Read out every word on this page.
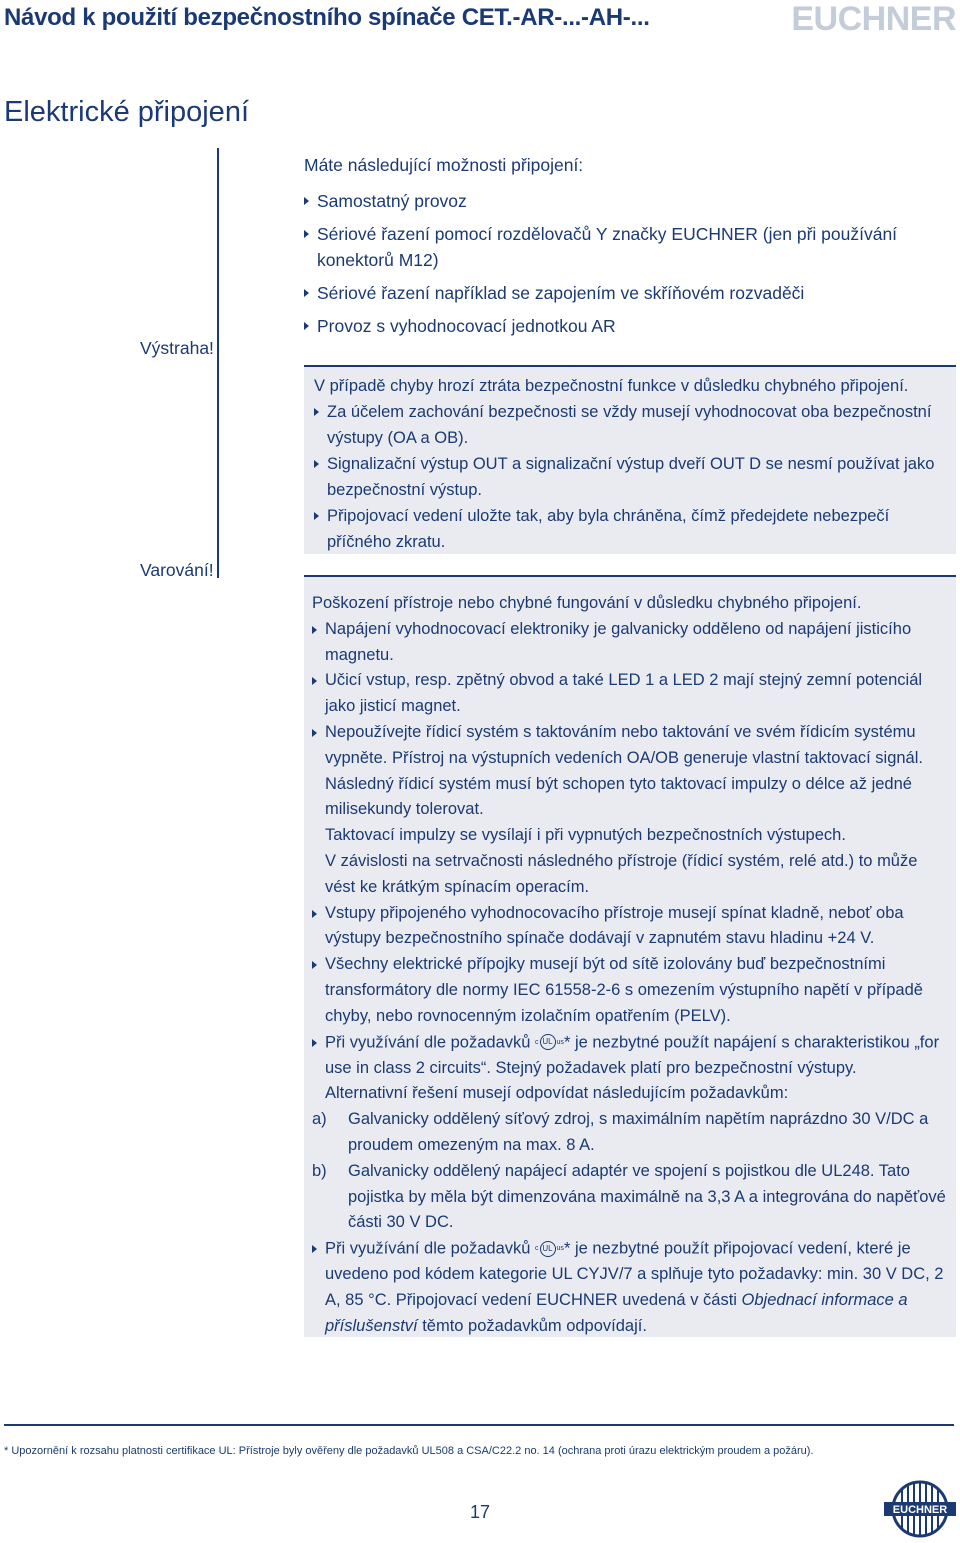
Návod k použití bezpečnostního spínače CET.-AR-...-AH-...	EUCHNER
Elektrické připojení

Máte následující možnosti připojení:

Samostatný provoz
Sériové řazení pomocí rozdělovačů Y značky EUCHNER (jen při používání konektorů M12)
Sériové řazení například se zapojením ve skříňovém rozvaděči
Provoz s vyhodnocovací jednotkou AR
Výstraha!
Varování!

V případě chyby hrozí ztráta bezpečnostní funkce v důsledku chybného připojení.

Za účelem zachování bezpečnosti se vždy musejí vyhodnocovat oba bezpečnostní výstupy (OA a OB).
Signalizační výstup OUT a signalizační výstup dveří OUT D se nesmí používat jako bezpečnostní výstup.
Připojovací vedení uložte tak, aby byla chráněna, čímž předejdete nebezpečí příčného zkratu.

Poškození přístroje nebo chybné fungování v důsledku chybného připojení.

Napájení vyhodnocovací elektroniky je galvanicky odděleno od napájení jisticího magnetu.
Učicí vstup, resp. zpětný obvod a také LED 1 a LED 2 mají stejný zemní potenciál jako jisticí magnet.
Nepoužívejte řídicí systém s taktováním nebo taktování ve svém řídicím systému vypněte. Přístroj na výstupních vedeních OA/OB generuje vlastní taktovací signál. Následný řídicí systém musí být schopen tyto taktovací impulzy o délce až jedné milisekundy tolerovat.

Taktovací impulzy se vysílají i při vypnutých bezpečnostních výstupech.

V závislosti na setrvačnosti následného přístroje (řídicí systém, relé atd.) to může vést ke krátkým spínacím operacím.

Vstupy připojeného vyhodnocovacího přístroje musejí spínat kladně, neboť oba výstupy bezpečnostního spínače dodávají v zapnutém stavu hladinu +24 V.
Všechny elektrické přípojky musejí být od sítě izolovány buď bezpečnostními transformátory dle normy IEC 61558-2-6 s omezením výstupního napětí v případě chyby, nebo rovnocenným izolačním opatřením (PELV).
Při využívání dle požadavků c UL us* je nezbytné použít napájení s charakteristikou „for use in class 2 circuits“. Stejný požadavek platí pro bezpečnostní výstupy.

Alternativní řešení musejí odpovídat následujícím požadavkům:

a) Galvanicky oddělený síťový zdroj, s maximálním napětím naprázdno 30 V/DC a proudem omezeným na max. 8 A.

b) Galvanicky oddělený napájecí adaptér ve spojení s pojistkou dle UL248. Tato pojistka by měla být dimenzována maximálně na 3,3 A a integrována do napěťové části 30 V DC.

Při využívání dle požadavků c UL us* je nezbytné použít připojovací vedení, které je uvedeno pod kódem kategorie UL CYJV/7 a splňuje tyto požadavky: min. 30 V DC, 2 A, 85 °C. Připojovací vedení EUCHNER uvedená v části Objednací informace a příslušenství těmto požadavkům odpovídají.
* Upozornění k rozsahu platnosti certifikace UL: Přístroje byly ověřeny dle požadavků UL508 a CSA/C22.2 no. 14 (ochrana proti úrazu elektrickým proudem a požáru).
17	EUCHNER
